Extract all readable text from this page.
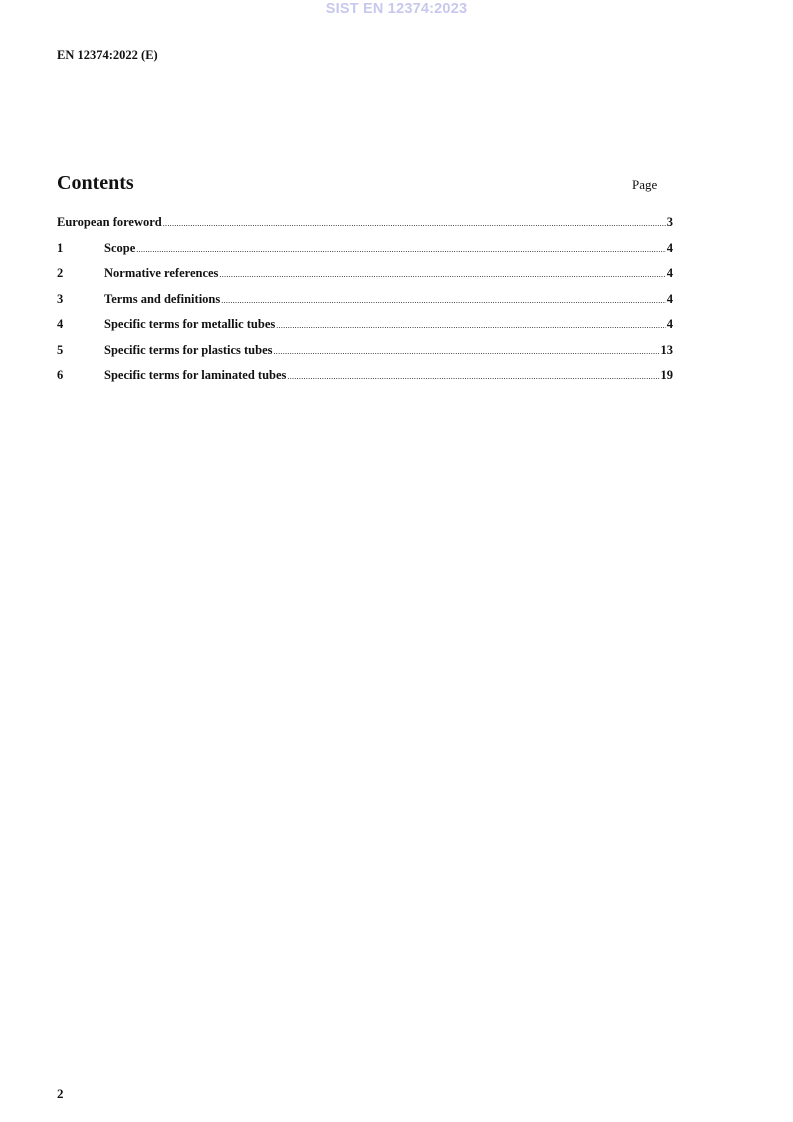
SIST EN 12374:2023
EN 12374:2022 (E)
Contents	Page
European foreword .....	3
1	Scope .....	4
2	Normative references .....	4
3	Terms and definitions .....	4
4	Specific terms for metallic tubes .....	4
5	Specific terms for plastics tubes .....	13
6	Specific terms for laminated tubes .....	19
2
